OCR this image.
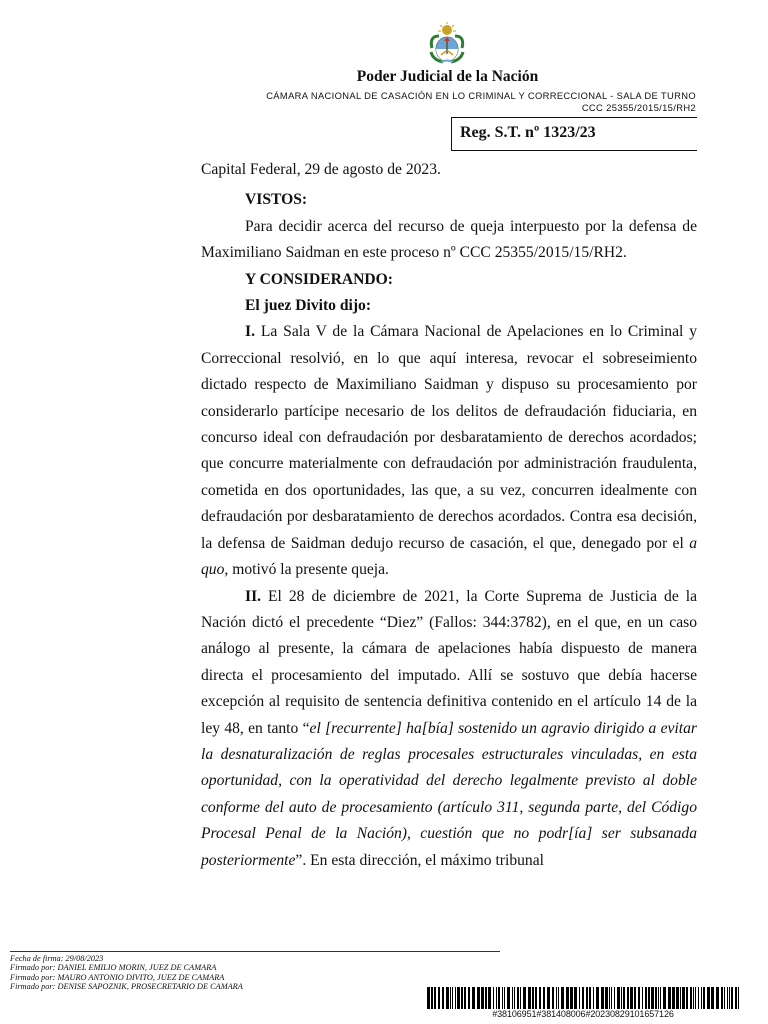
Poder Judicial de la Nación
CÁMARA NACIONAL DE CASACIÓN EN LO CRIMINAL Y CORRECCIONAL - SALA DE TURNO
CCC 25355/2015/15/RH2
Reg. S.T. nº 1323/23

Capital Federal, 29 de agosto de 2023.

VISTOS:

Para decidir acerca del recurso de queja interpuesto por la defensa de Maximiliano Saidman en este proceso nº CCC 25355/2015/15/RH2.

Y CONSIDERANDO:

El juez Divito dijo:

I. La Sala V de la Cámara Nacional de Apelaciones en lo Criminal y Correccional resolvió, en lo que aquí interesa, revocar el sobreseimiento dictado respecto de Maximiliano Saidman y dispuso su procesamiento por considerarlo partícipe necesario de los delitos de defraudación fiduciaria, en concurso ideal con defraudación por desbaratamiento de derechos acordados; que concurre materialmente con defraudación por administración fraudulenta, cometida en dos oportunidades, las que, a su vez, concurren idealmente con defraudación por desbaratamiento de derechos acordados. Contra esa decisión, la defensa de Saidman dedujo recurso de casación, el que, denegado por el a quo, motivó la presente queja.

II. El 28 de diciembre de 2021, la Corte Suprema de Justicia de la Nación dictó el precedente “Diez” (Fallos: 344:3782), en el que, en un caso análogo al presente, la cámara de apelaciones había dispuesto de manera directa el procesamiento del imputado. Allí se sostuvo que debía hacerse excepción al requisito de sentencia definitiva contenido en el artículo 14 de la ley 48, en tanto “el [recurrente] ha[bía] sostenido un agravio dirigido a evitar la desnaturalización de reglas procesales estructurales vinculadas, en esta oportunidad, con la operatividad del derecho legalmente previsto al doble conforme del auto de procesamiento (artículo 311, segunda parte, del Código Procesal Penal de la Nación), cuestión que no podr[ía] ser subsanada posteriormente”. En esta dirección, el máximo tribunal

Fecha de firma: 29/08/2023
Firmado por: DANIEL EMILIO MORIN, JUEZ DE CAMARA
Firmado por: MAURO ANTONIO DIVITO, JUEZ DE CAMARA
Firmado por: DENISE SAPOZNIK, PROSECRETARIO DE CAMARA
#38106951#381408006#20230829101657126
